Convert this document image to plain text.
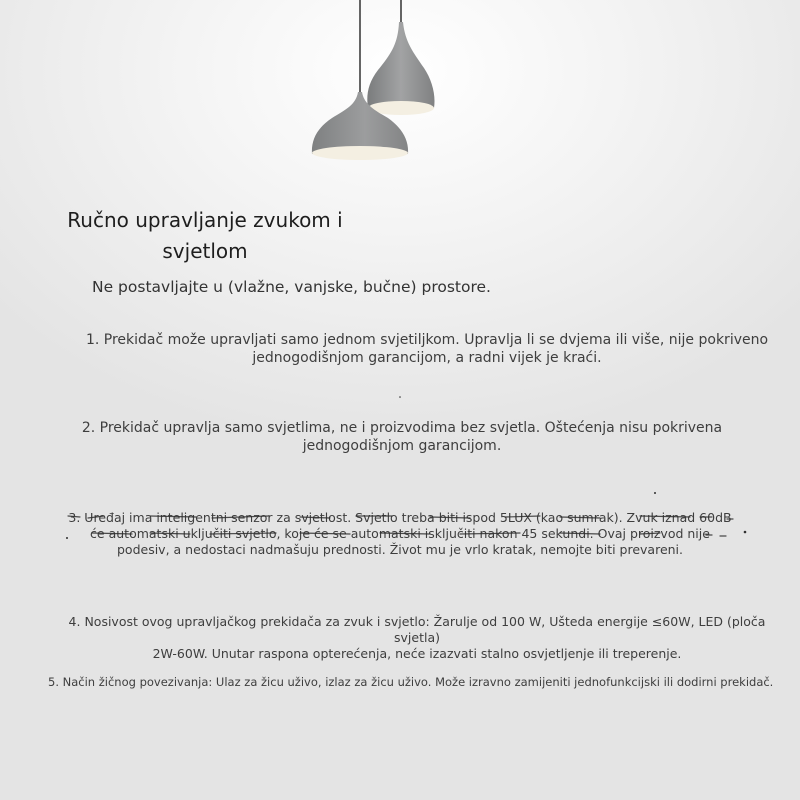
Ručno upravljanje zvukom i
svjetlom
Ne postavljajte u (vlažne, vanjske, bučne) prostore.
1. Prekidač može upravljati samo jednom svjetiljkom. Upravlja li se dvjema ili više, nije pokriveno
jednogodišnjom garancijom, a radni vijek je kraći.
2. Prekidač upravlja samo svjetlima, ne i proizvodima bez svjetla. Oštećenja nisu pokrivena
jednogodišnjom garancijom.
3. Uređaj ima inteligentni senzor za svjetlost. Svjetlo treba biti ispod 5LUX (kao sumrak). Zvuk iznad 60dB
će automatski uključiti svjetlo, koje će se automatski isključiti nakon 45 sekundi. Ovaj proizvod nije
podesiv, a nedostaci nadmašuju prednosti. Život mu je vrlo kratak, nemojte biti prevareni.
4. Nosivost ovog upravljačkog prekidača za zvuk i svjetlo: Žarulje od 100 W, Ušteda energije ≤60W, LED (ploča svjetla)
2W-60W. Unutar raspona opterećenja, neće izazvati stalno osvjetljenje ili treperenje.
5. Način žičnog povezivanja: Ulaz za žicu uživo, izlaz za žicu uživo. Može izravno zamijeniti jednofunkcijski ili dodirni prekidač.
